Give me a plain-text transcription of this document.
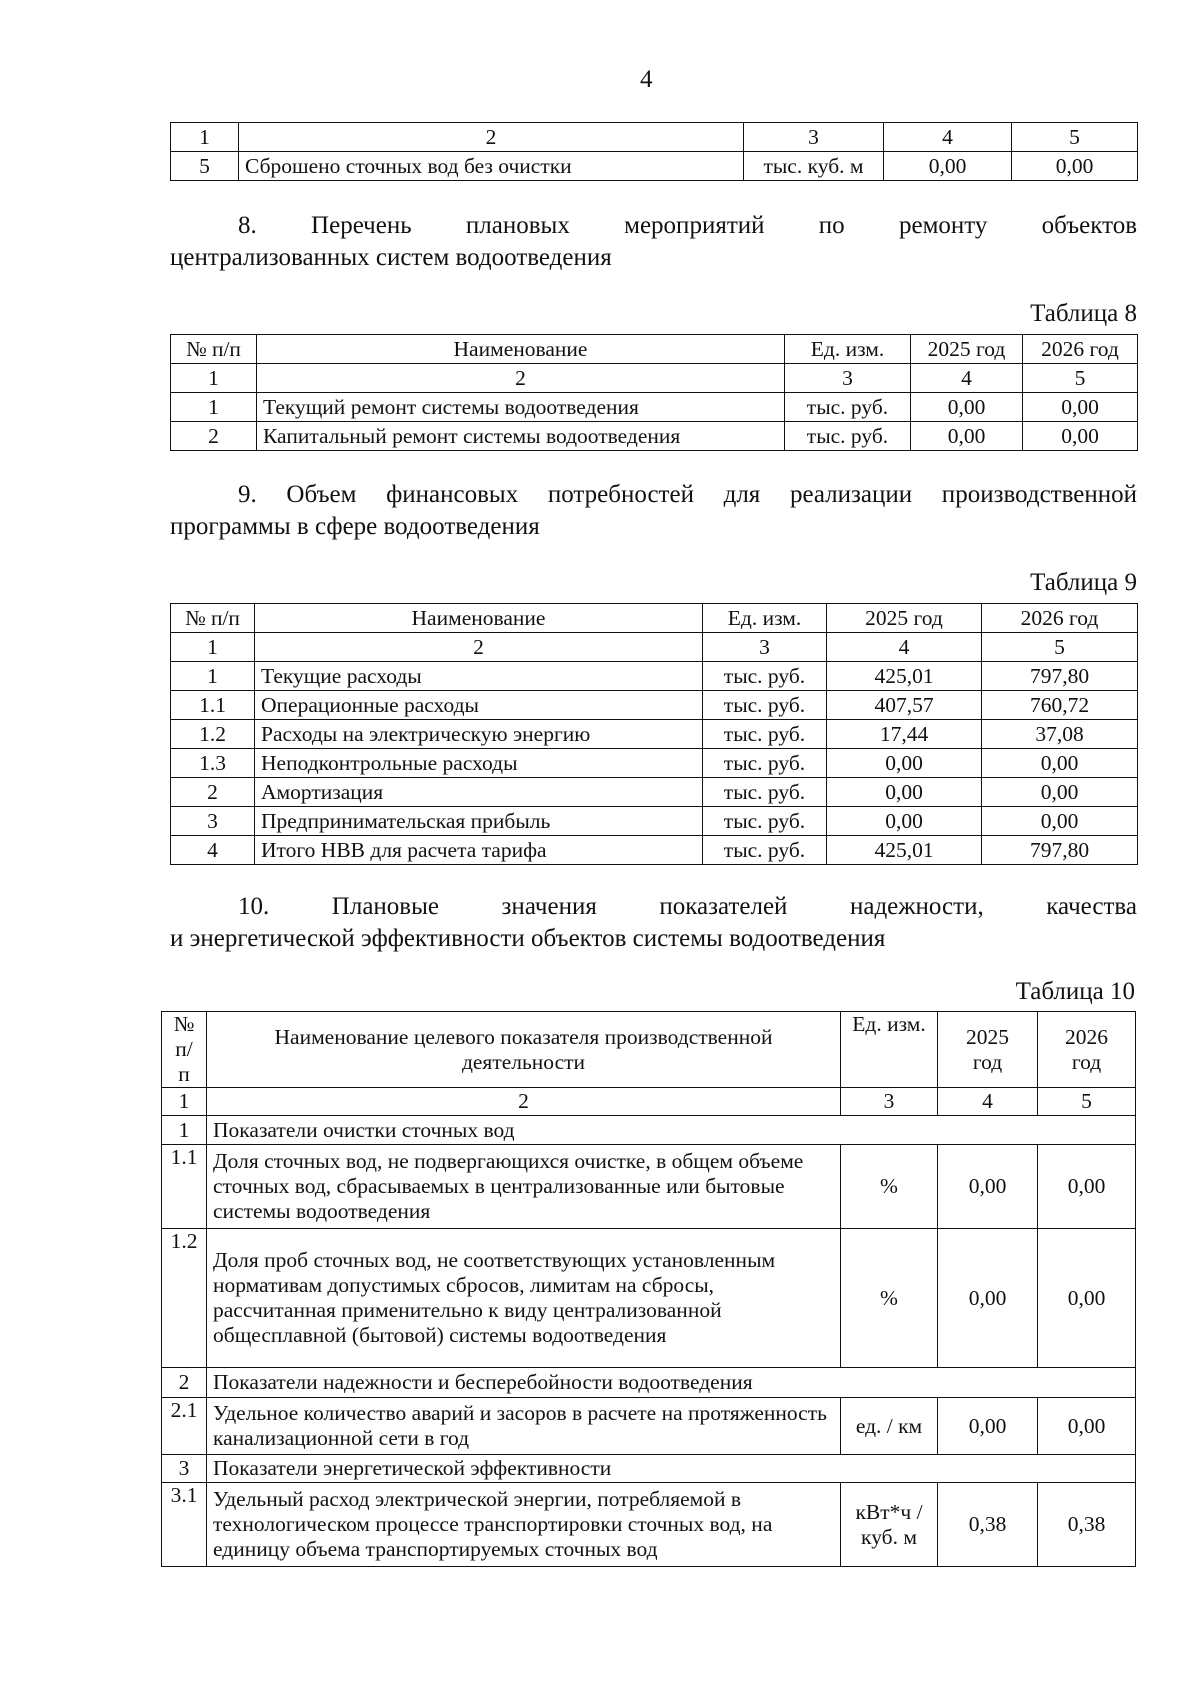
4
1	2	3	4	5
5	Сброшено сточных вод без очистки	тыс. куб. м	0,00	0,00
8. Перечень плановых мероприятий по ремонту объектов
централизованных систем водоотведения
Таблица 8
№ п/п	Наименование	Ед. изм.	2025 год	2026 год
1	2	3	4	5
1	Текущий ремонт системы водоотведения	тыс. руб.	0,00	0,00
2	Капитальный ремонт системы водоотведения	тыс. руб.	0,00	0,00
9. Объем финансовых потребностей для реализации производственной
программы в сфере водоотведения
Таблица 9
№ п/п	Наименование	Ед. изм.	2025 год	2026 год
1	2	3	4	5
1	Текущие расходы	тыс. руб.	425,01	797,80
1.1	Операционные расходы	тыс. руб.	407,57	760,72
1.2	Расходы на электрическую энергию	тыс. руб.	17,44	37,08
1.3	Неподконтрольные расходы	тыс. руб.	0,00	0,00
2	Амортизация	тыс. руб.	0,00	0,00
3	Предпринимательская прибыль	тыс. руб.	0,00	0,00
4	Итого НВВ для расчета тарифа	тыс. руб.	425,01	797,80
10. Плановые значения показателей надежности, качества
и энергетической эффективности объектов системы водоотведения
Таблица 10
№ п/п	Наименование целевого показателя производственной деятельности	Ед. изм.	2025 год	2026 год
1	2	3	4	5
1	Показатели очистки сточных вод			
1.1	Доля сточных вод, не подвергающихся очистке, в общем объеме сточных вод, сбрасываемых в централизованные или бытовые системы водоотведения	%	0,00	0,00
1.2	Доля проб сточных вод, не соответствующих установленным нормативам допустимых сбросов, лимитам на сбросы, рассчитанная применительно к виду централизованной общесплавной (бытовой) системы водоотведения	%	0,00	0,00
2	Показатели надежности и бесперебойности водоотведения			
2.1	Удельное количество аварий и засоров в расчете на протяженность канализационной сети в год	ед. / км	0,00	0,00
3	Показатели энергетической эффективности			
3.1	Удельный расход электрической энергии, потребляемой в технологическом процессе транспортировки сточных вод, на единицу объема транспортируемых сточных вод	кВт*ч / куб. м	0,38	0,38
